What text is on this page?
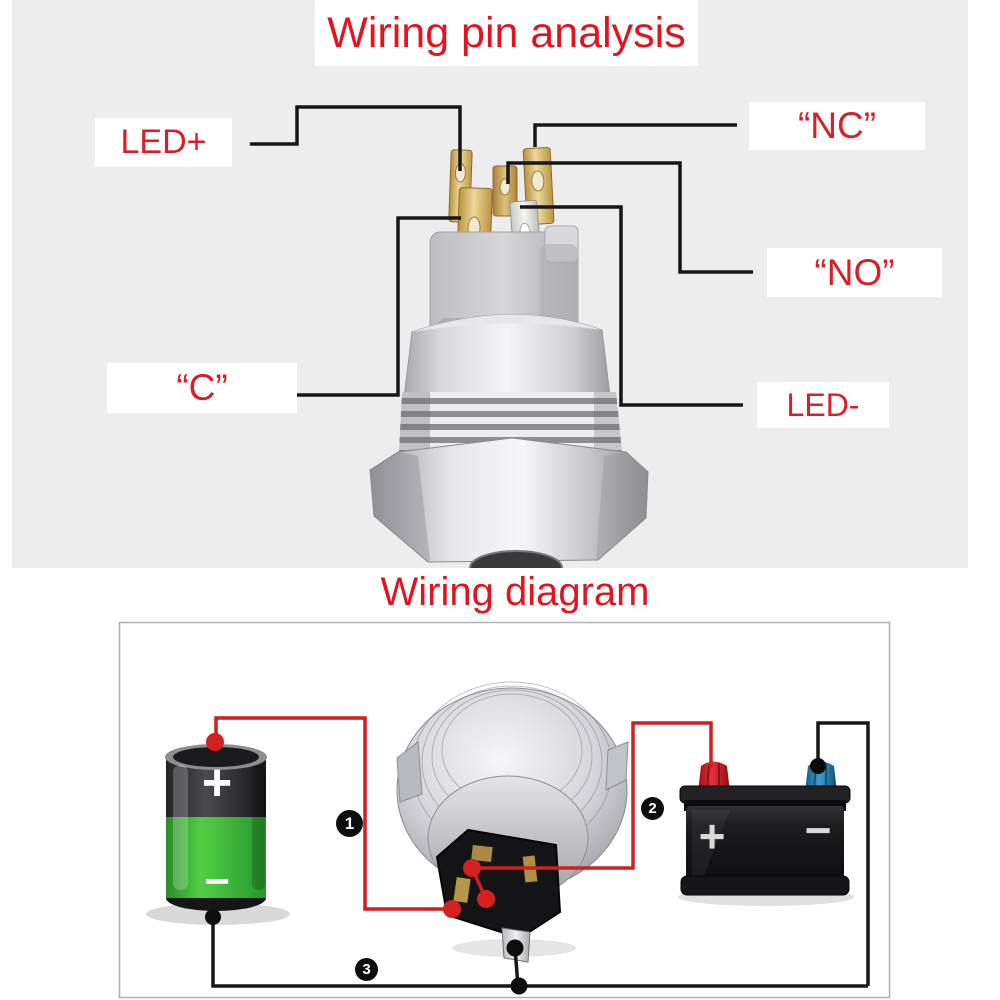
Wiring pin analysis
LED+	“NC”
“NO”
“C”	LED-
Wiring diagram
+
−
+ −
1
2
3
